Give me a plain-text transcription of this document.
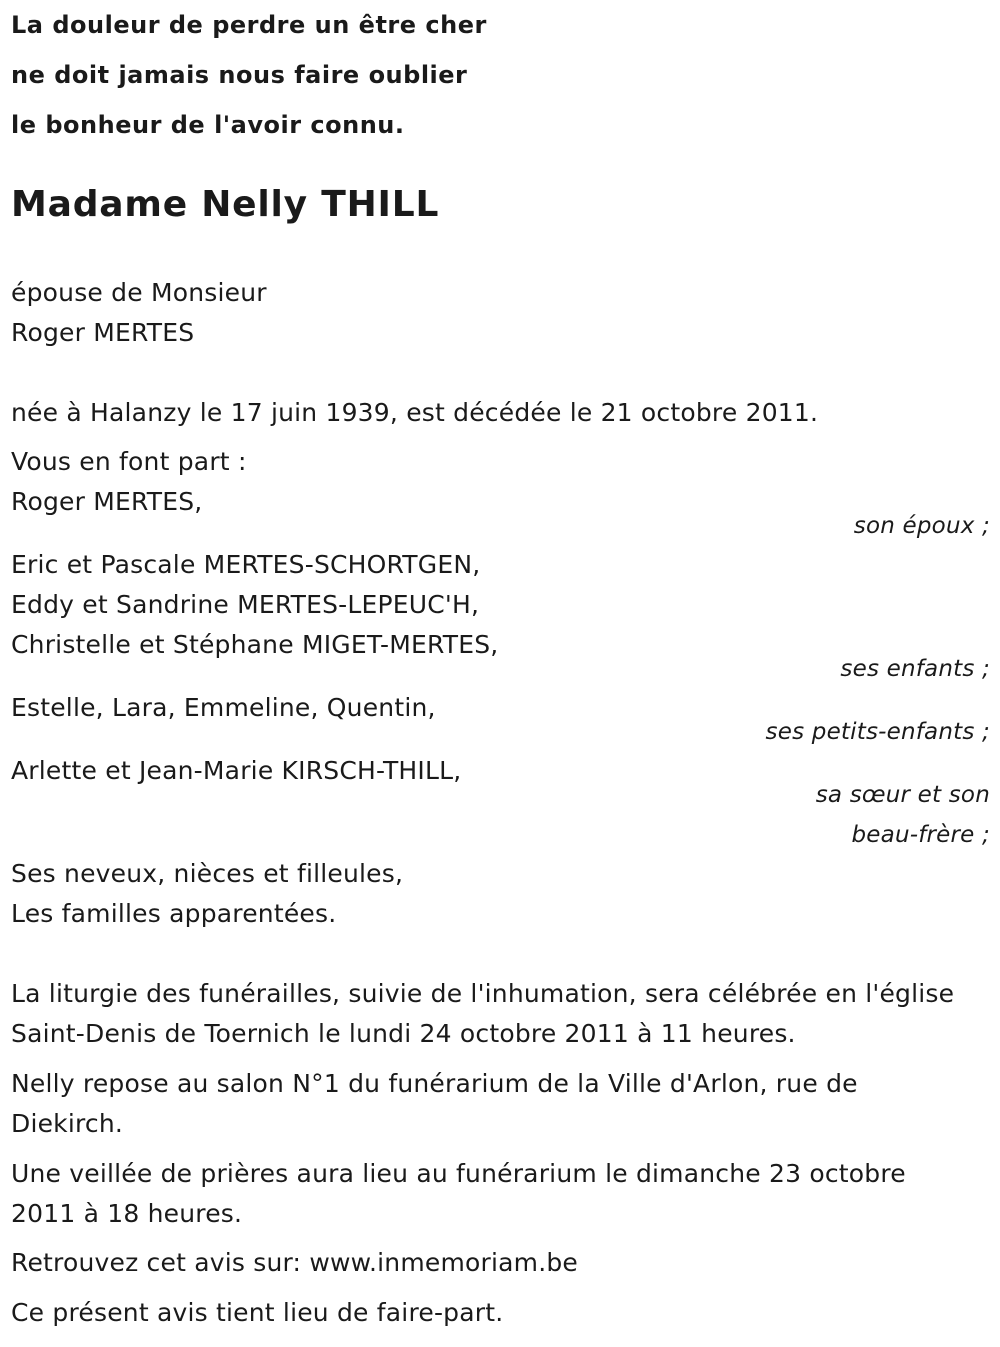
La douleur de perdre un être cher
ne doit jamais nous faire oublier
le bonheur de l'avoir connu.
Madame Nelly THILL
épouse de Monsieur
Roger MERTES
née à Halanzy le 17 juin 1939, est décédée le 21 octobre 2011.
Vous en font part :
Roger MERTES,
son époux ;
Eric et Pascale MERTES-SCHORTGEN,
Eddy et Sandrine MERTES-LEPEUC'H,
Christelle et Stéphane MIGET-MERTES,
ses enfants ;
Estelle, Lara, Emmeline, Quentin,
ses petits-enfants ;
Arlette et Jean-Marie KIRSCH-THILL,
sa sœur et son
beau-frère ;
Ses neveux, nièces et filleules,
Les familles apparentées.
La liturgie des funérailles, suivie de l'inhumation, sera célébrée en l'église
Saint-Denis de Toernich le lundi 24 octobre 2011 à 11 heures.
Nelly repose au salon N°1 du funérarium de la Ville d'Arlon, rue de
Diekirch.
Une veillée de prières aura lieu au funérarium le dimanche 23 octobre
2011 à 18 heures.
Retrouvez cet avis sur: www.inmemoriam.be
Ce présent avis tient lieu de faire-part.
